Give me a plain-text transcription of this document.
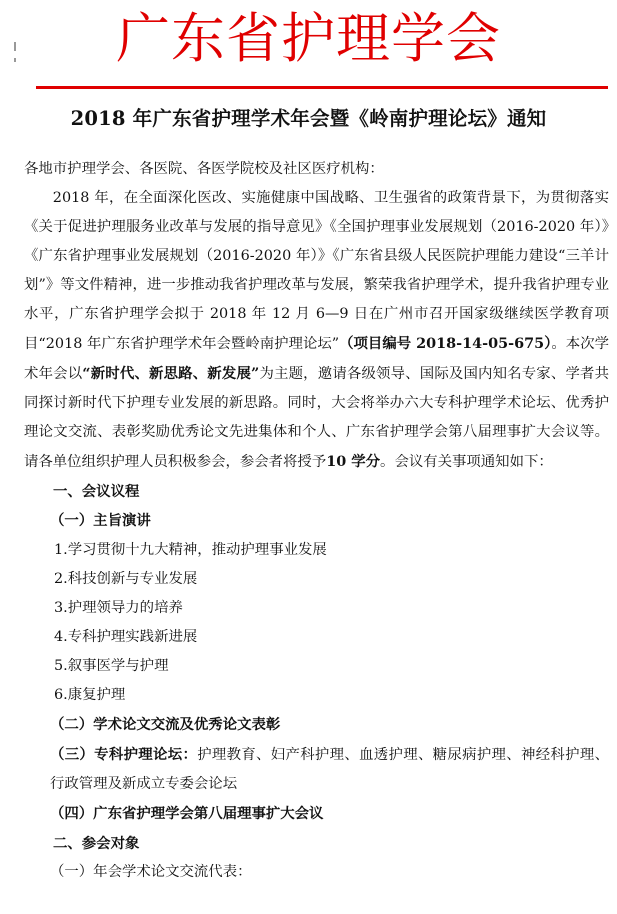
广东省护理学会
2018 年广东省护理学术年会暨《岭南护理论坛》通知

各地市护理学会、各医院、各医学院校及社区医疗机构：

2018 年，在全面深化医改、实施健康中国战略、卫生强省的政策背景下，为贯彻落实《关于促进护理服务业改革与发展的指导意见》《全国护理事业发展规划（2016-2020 年）》《广东省护理事业发展规划（2016-2020 年）》《广东省县级人民医院护理能力建设“三羊计划”》等文件精神，进一步推动我省护理改革与发展，繁荣我省护理学术，提升我省护理专业水平，广东省护理学会拟于 2018 年 12 月 6—9 日在广州市召开国家级继续医学教育项目“2018 年广东省护理学术年会暨岭南护理论坛”（项目编号 2018-14-05-675）。本次学术年会以“新时代、新思路、新发展”为主题，邀请各级领导、国际及国内知名专家、学者共同探讨新时代下护理专业发展的新思路。同时，大会将举办六大专科护理学术论坛、优秀护理论文交流、表彰奖励优秀论文先进集体和个人、广东省护理学会第八届理事扩大会议等。请各单位组织护理人员积极参会，参会者将授予10 学分。会议有关事项通知如下：

一、会议议程

（一）主旨演讲

1.学习贯彻十九大精神，推动护理事业发展

2.科技创新与专业发展

3.护理领导力的培养

4.专科护理实践新进展

5.叙事医学与护理

6.康复护理

（二）学术论文交流及优秀论文表彰

（三）专科护理论坛：护理教育、妇产科护理、血透护理、糖尿病护理、神经科护理、行政管理及新成立专委会论坛

（四）广东省护理学会第八届理事扩大会议

二、参会对象

（一）年会学术论文交流代表：
